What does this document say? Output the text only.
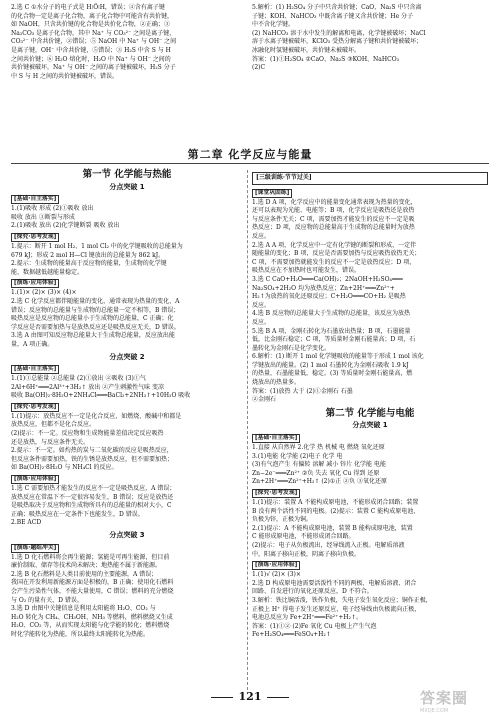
2.选 C ①水分子的电子式是 H∶Ö∶H，错误；④含有离子键

的化合物一定是离子化合物，离子化合物中可能含有共价键，

如 NaOH，只含共价键的化合物是共价化合物，②正确；③

Na₂CO₃ 是离子化合物，其中 Na⁺ 与 CO₃²⁻ 之间是离子键，

CO₃²⁻ 中含共价键，②错误；⑤ NaOH 中 Na⁺ 与 OH⁻ 之间

是离子键，OH⁻ 中含共价键，⑤错误；③ H₂S 中含 S 与 H

之间共价键；⑥ H₂O 熔化时，H₂O 中 Na⁺ 与 OH⁻ 之间的

共价键被破坏，Na⁺ 与 OH⁻ 之间的离子键被破坏，H₂S 分子

中 S 与 H 之间的共价键被破坏，错误。

5.解析：(1) H₂SO₄ 分子中只含共价键；CaO、Na₂S 中只含离

子键；KOH、NaHCO₃ 中既含离子键又含共价键；He 分子

中不含化学键。

(2) NaHCO₃ 溶于水中发生的解离和电离，化学键被破坏；NaCl

溶于水离子键被破坏，KClO₃ 受热分解离子键和共价键被破坏；

冰融化时氢键被破坏，共价键未被破坏。

答案：(1)①H₂SO₄ ②CaO、Na₂S ③KOH、NaHCO₃

(2)C

第二章 化学反应与能量
第一节 化学能与热能
分点突破 1
[基础·自主落实]

1.(1)吸收 形成 (2)①吸收 放出

吸收 放出 ③断裂与形成

2.(1)吸收 放出 (2)化学键断裂 吸收 放出

[探究·思考发现]

1.提示：断开 1 mol H₂、1 mol Cl₂ 中的化学键吸收的总能量为

679 kJ；形成 2 mol H—Cl 键放出的总能量为 862 kJ。

2.提示：生成物的能量高于反应物的能量，生成物的化学键

能、数据越低越能量稳定。

[演练·应用体验]

1.(1)× (2)× (3)× (4)×

2.选 C 化学反应都伴随能量的变化，通常表现为热量的变化，A

错误；反应物的总能量与生成物的总能量一定不相等，B 错误；

吸热反应是反应物的总能量小于生成物的总能量，C 正确；化

学反应是否需要加热与是放热反应还是吸热反应无关，D 错误。

3.选 A 由图可知反应物总能量大于生成物总能量，反应放出能

量，A 项正确。

分点突破 2
[基础·自主落实]

1.(1)①总能量 ②总能量 (2)①放出 ②吸收 (3)①气

2Al+6H⁺═══2Al³⁺+3H₂↑ 放出 ②产生刺激性气味 变凉

吸收 Ba(OH)₂·8H₂O+2NH₄Cl═══BaCl₂+2NH₃↑+10H₂O 吸收

[探究·思考发现]

1.(1)提示：放热反应不一定是化合反应，如燃烧、酸碱中和都是

放热反应，但都不是化合反应。

(2)提示：不一定。反应物和生成物能量差值决定反应吸热

还是放热，与反应条件无关。

2.提示：不一定。如灼热的炭与二氧化碳的反应是吸热反应，

但反应条件需要加热，铁的生锈是放热反应，但不需要加热；

如 Ba(OH)₂·8H₂O 与 NH₄Cl 的反应。

[演练·应用体验]

1.选 C 需要加热才能发生的反应不一定是吸热反应，A 错误；

放热反应在常温下不一定很容易发生，B 错误；反应是放热还

是吸热取决于反应物和生成物所具有的总能量的相对大小，C

正确；吸热反应在一定条件下也能发生，D 错误。

2.BE ACD

分点突破 3
[演练·题组冲关]

1.选 D 化石燃料将会再生能源；氢能是可再生能源，但目前

廉价制取、储存等技术尚未解决；地热能不属于新能源。

2.选 B 化石燃料是人类目前使用的主要能源，A 错误；

我国在开发利用新能源方面是积极的，B 正确；使用化石燃料

会产生污染性气体，不能大量使用，C 错误；燃料的充分燃烧

与 O₂ 的量有关，D 错误。

3.选 D 由图中关键信息是利用太阳能将 H₂O、CO₂ 与

H₂O 转化为 CH₄、CH₃OH、NH₃ 等燃料，燃料燃烧又生成

H₂O、CO₂ 等，从而实现太阳能与化学能的转化；燃料燃烧

时化学能转化为热能，所以最终太阳能转化为热能。

[三级训练·节节过关]
[课堂巩固练]

1.选 D A 项，化学反应中的能量变化通常表现为热量的变化，

还可以表现为光能、电能等；B 项，化学反应是吸热还是放热

与反应条件无关；C 项，需要加热才能发生的反应不一定是吸

热反应；D 项，反应物的总能量高于生成物的总能量时为放热

反应。

2.选 A A 项，化学反应中一定有化学键的断裂和形成，一定伴

随能量的变化；B 项，反应是否需要加热与反应吸热放热无关；

C 项，不需要加热就能发生的反应不一定是放热反应；D 项，

吸热反应在不加热时也可能发生，错误。

3.选 C CaO+H₂O═══Ca(OH)₂；2NaOH+H₂SO₄═══

Na₂SO₄+2H₂O 均为放热反应；Zn+2H⁺═══Zn²⁺+

H₂↑为放热的氧化还原反应；C+H₂O═══CO+H₂ 是吸热

反应。

4.选 B 反应物的总能量大于生成物的总能量，该反应为放热

反应。

5.选 B A 项，金刚石转化为石墨放出热量；B 项，石墨能量

低，比金刚石稳定；C 项，等质量时金刚石能量高；D 项，石

墨转化为金刚石是化学变化。

6.解析：(1) 断开 1 mol 化学键吸收的能量等于形成 1 mol 该化

学键放出的能量。(2) 1 mol 石墨转化为金刚石吸收 1.9 kJ

的热量，石墨能量低，稳定。(3) 等质量时金刚石能量高，燃

烧放出的热量多。

答案：(1)放热 大于 (2)①金刚石 石墨

②金刚石

第二节 化学能与电能
分点突破 1
[基础·自主落实]

1.直接 从自然界 2.化学 热 机械 电 燃烧 氧化还原

3.(1)电能 化学能 (2)电子 化学 电

(3)有气泡产生 有偏转 溶解 减小 锌片 化学能 电能

Zn−2e⁻═══Zn²⁺ ②负 失去 氧化 Cu 得到 还原

Zn+2H⁺═══Zn²⁺+H₂↑ (2)①正 ②负 ③氧化还原

[探究·思考发现]

1.(1)提示：装置 A 不能构成原电池，不能形成闭合回路；装置

B 没有两个活性不同的电极。(2)提示：装置 C 能构成原电池，

负极为锌，正极为铜。

2.(1)提示：A 不能构成原电池，装置 B 能构成原电池，装置

C 能形成原电池，不能形成闭合回路。

(2)提示：电子从负极流出，经导线流入正极。电解质溶液

中，阳离子移向正极，阴离子移向负极。

[演练·应用体验]

1.(1)√ (2)× (3)×

2.选 D 构成原电池需要活泼性不同的两极、电解质溶液、闭合

回路、自发进行的氧化还原反应，D 不符合。

3.解析：铁比铜活泼，铁作负极，失电子发生氧化反应；铜作正极，

正极上 H⁺ 得电子发生还原反应，电子经导线由负极流向正极，

电池总反应为 Fe+2H⁺═══Fe²⁺+H₂↑。

答案：(1)①② (2)Fe 氧化 Cu 电极上产生气泡

Fe+H₂SO₄═══FeSO₄+H₂↑

121	答案圈
MXQE.COM
